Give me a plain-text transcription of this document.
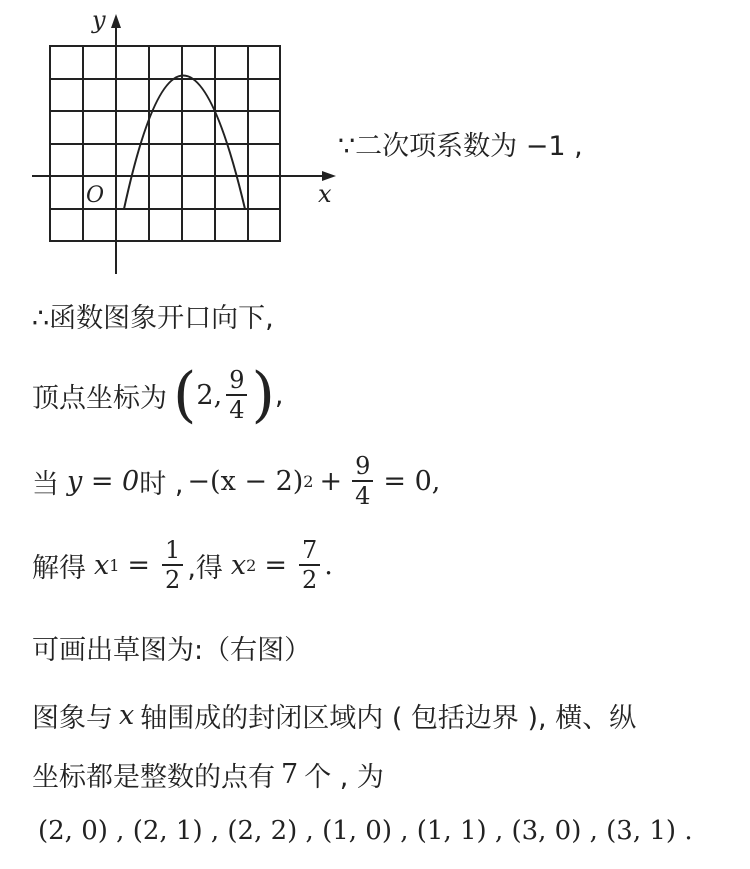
y
x
O
∵二次项系数为 −1 ,
∴函数图象开口向下,
顶点坐标为 ( 2, $\frac{9}{4}$ ) ,
当 y = 0 时 , −(x − 2) $2 + \frac{9}{4} = 0$,
解得 x $1 = \frac{1}{2}$ ,得 x $2 = \frac{7}{2}$ .
可画出草图为:（右图）
图象与 x 轴围成的封闭区域内 ( 包括边界 ), 横、纵
坐标都是整数的点有 7 个 , 为
(2, 0) , (2, 1) , (2, 2) , (1, 0) , (1, 1) , (3, 0) , (3, 1) .
